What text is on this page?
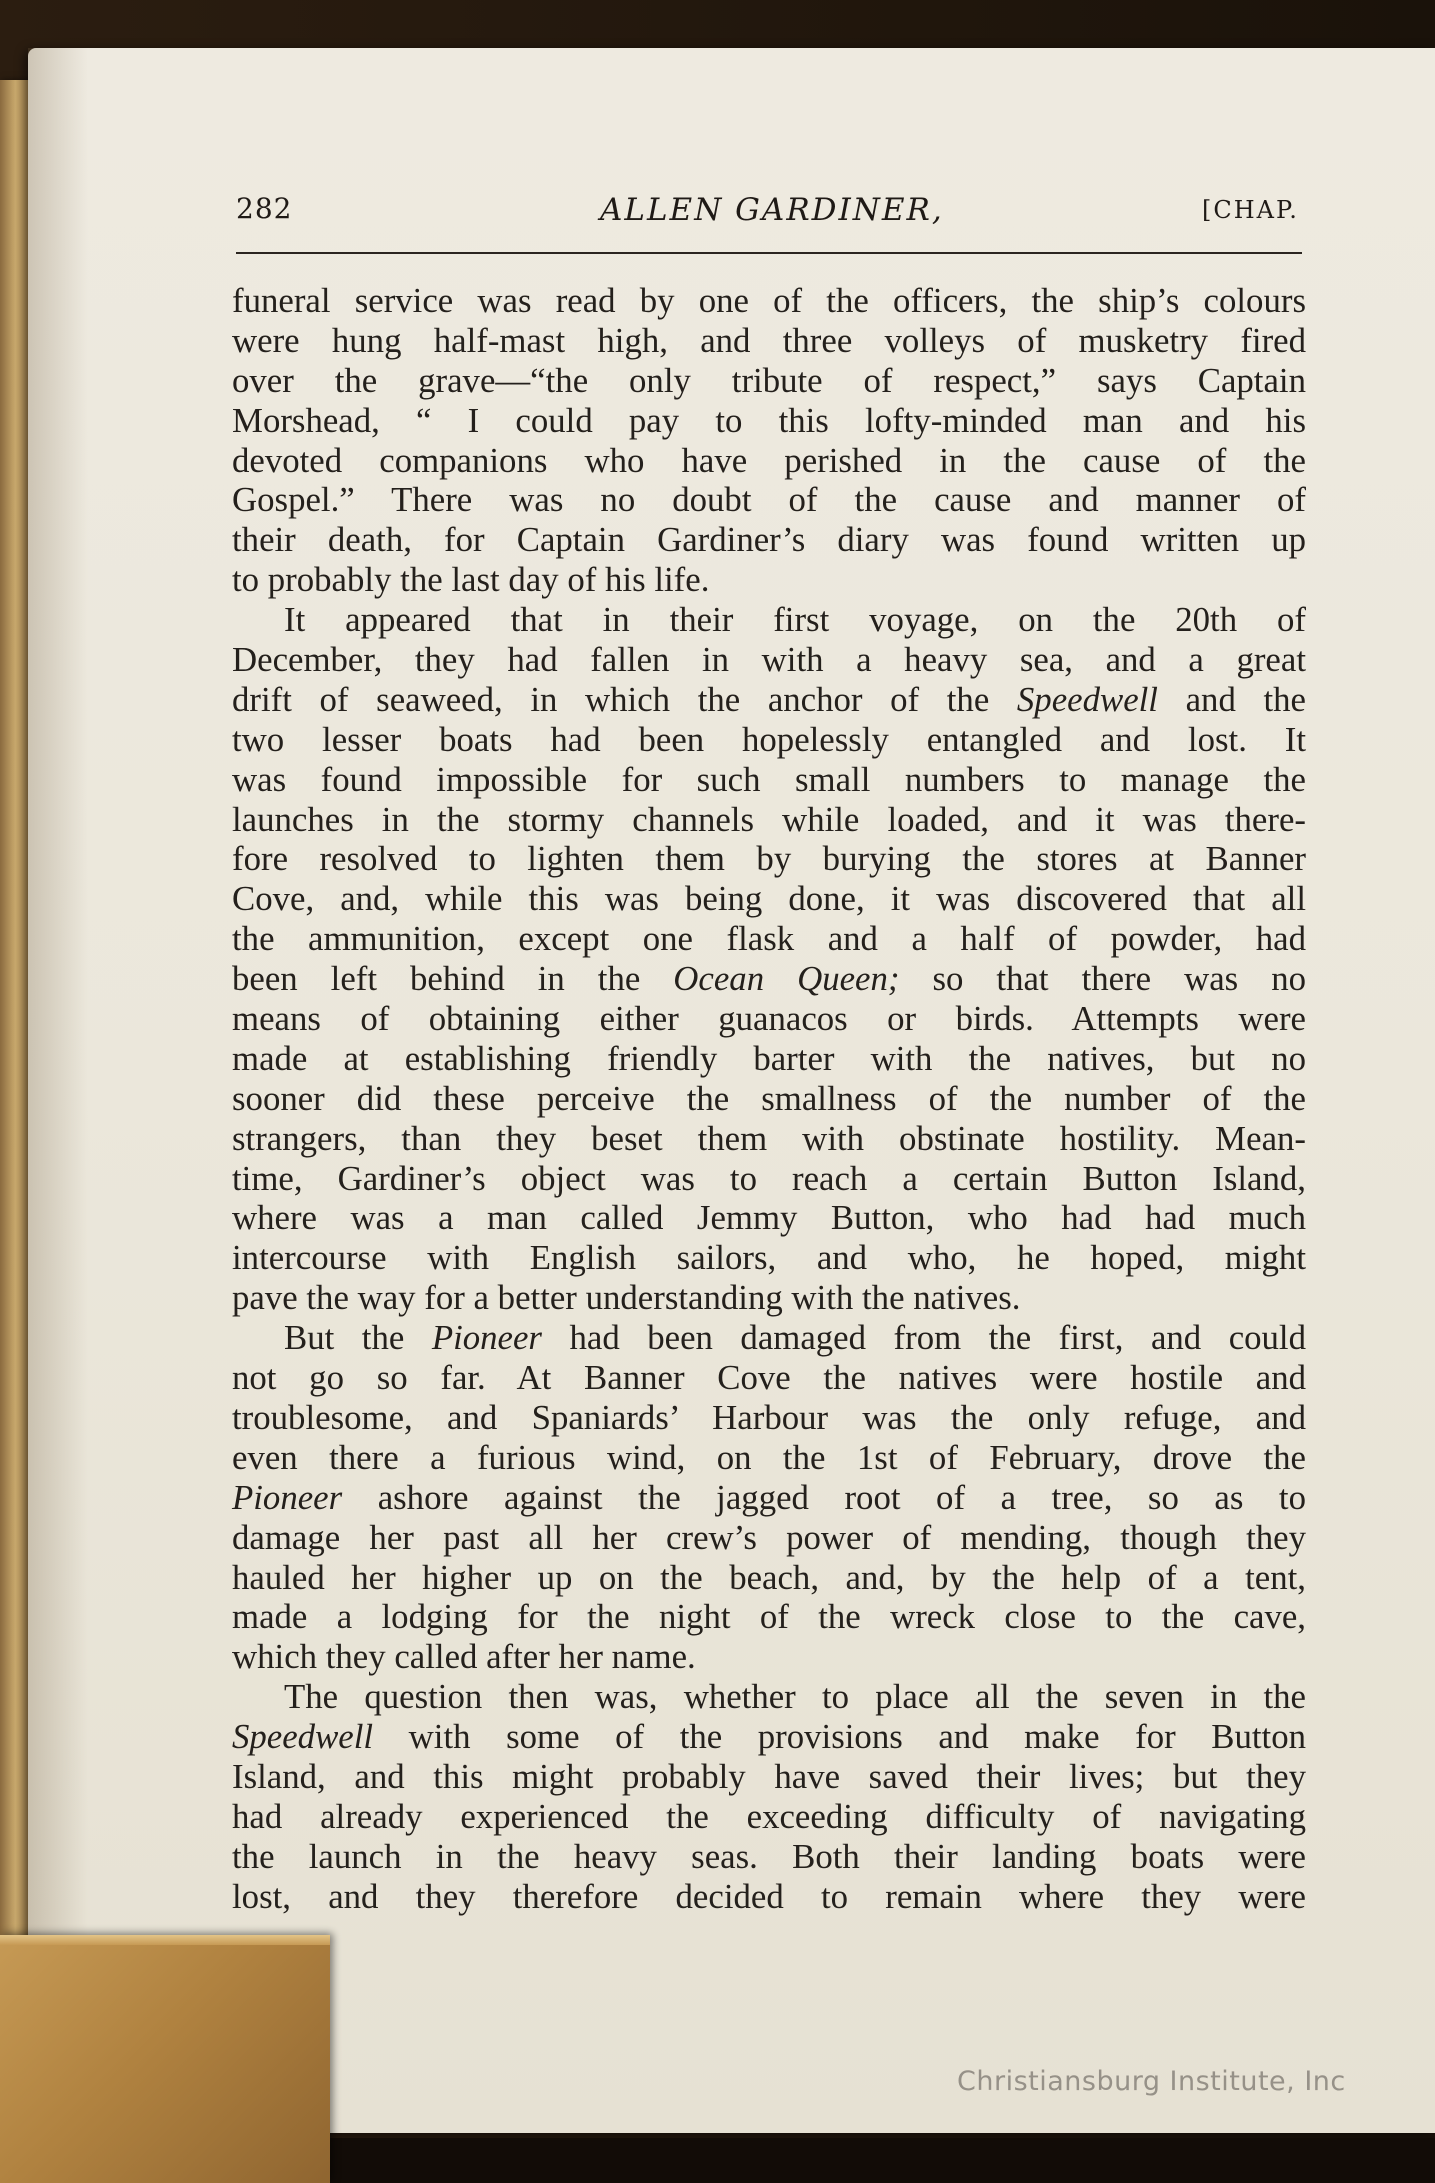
282	ALLEN GARDINER,	[CHAP.
funeral service was read by one of the officers, the ship’s colours
were hung half-mast high, and three volleys of musketry fired
over the grave—“the only tribute of respect,” says Captain
Morshead, “ I could pay to this lofty-minded man and his
devoted companions who have perished in the cause of the
Gospel.” There was no doubt of the cause and manner of
their death, for Captain Gardiner’s diary was found written up
to probably the last day of his life.
It appeared that in their first voyage, on the 20th of
December, they had fallen in with a heavy sea, and a great
drift of seaweed, in which the anchor of the Speedwell and the
two lesser boats had been hopelessly entangled and lost. It
was found impossible for such small numbers to manage the
launches in the stormy channels while loaded, and it was there-
fore resolved to lighten them by burying the stores at Banner
Cove, and, while this was being done, it was discovered that all
the ammunition, except one flask and a half of powder, had
been left behind in the Ocean Queen; so that there was no
means of obtaining either guanacos or birds. Attempts were
made at establishing friendly barter with the natives, but no
sooner did these perceive the smallness of the number of the
strangers, than they beset them with obstinate hostility. Mean-
time, Gardiner’s object was to reach a certain Button Island,
where was a man called Jemmy Button, who had had much
intercourse with English sailors, and who, he hoped, might
pave the way for a better understanding with the natives.
But the Pioneer had been damaged from the first, and could
not go so far. At Banner Cove the natives were hostile and
troublesome, and Spaniards’ Harbour was the only refuge, and
even there a furious wind, on the 1st of February, drove the
Pioneer ashore against the jagged root of a tree, so as to
damage her past all her crew’s power of mending, though they
hauled her higher up on the beach, and, by the help of a tent,
made a lodging for the night of the wreck close to the cave,
which they called after her name.
The question then was, whether to place all the seven in the
Speedwell with some of the provisions and make for Button
Island, and this might probably have saved their lives; but they
had already experienced the exceeding difficulty of navigating
the launch in the heavy seas. Both their landing boats were
lost, and they therefore decided to remain where they were
Christiansburg Institute, Inc
